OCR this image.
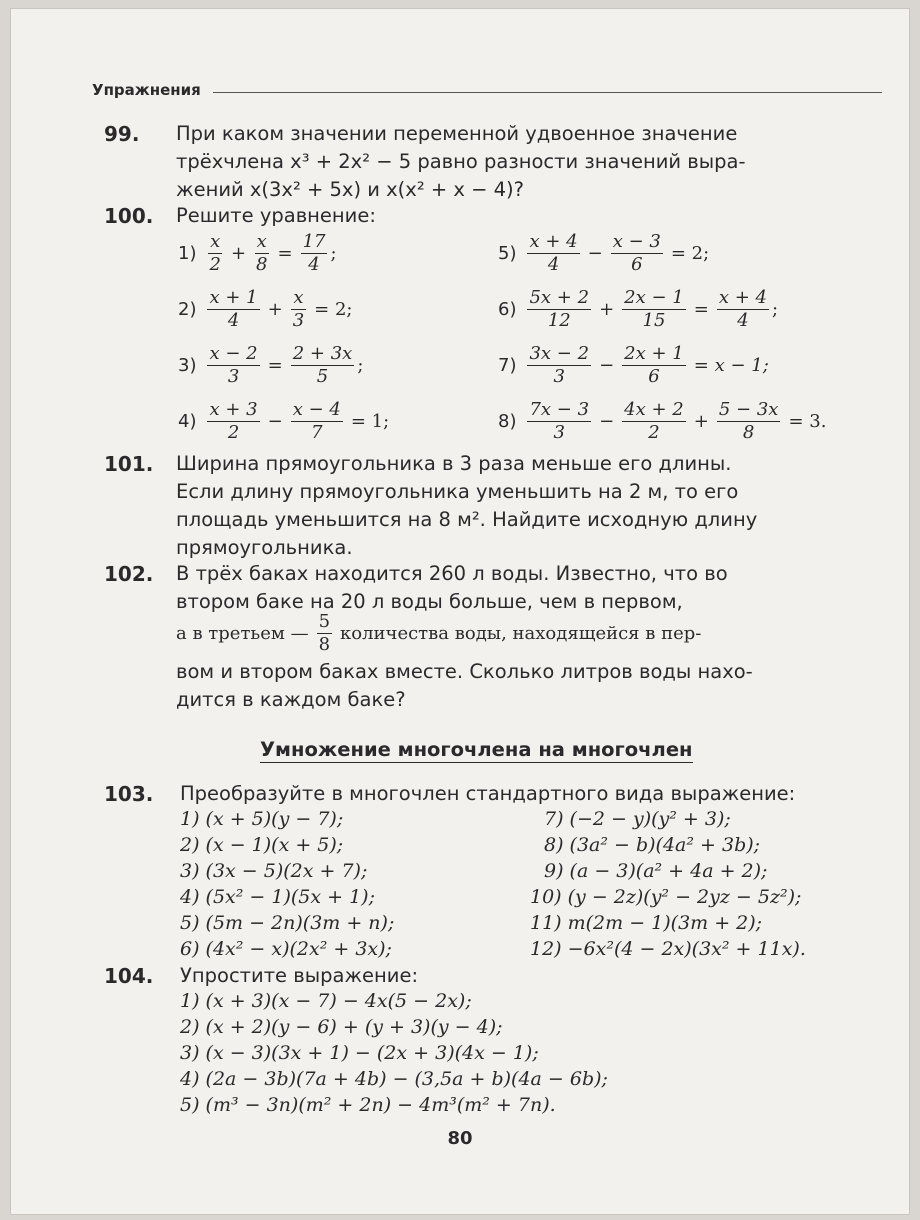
Упражнения
99. При каком значении переменной удвоенное значение
трёхчлена x³ + 2x² − 5 равно разности значений выра-
жений x(3x² + 5x) и x(x² + x − 4)?
100. Решите уравнение:
$1) \frac{x}{2} + \frac{x}{8} = \frac{17}{4}$ ;
$2) \frac{x + 1}{4} + \frac{x}{3} = 2$;
$3) \frac{x - 2}{3} = \frac{2 + 3x}{5}$ ;
$4) \frac{x + 3}{2} - \frac{x - 4}{7} = 1$;
$5) \frac{x + 4}{4} - \frac{x - 3}{6} = 2$;
$6) \frac{5x + 2}{12} + \frac{2x - 1}{15} = \frac{x + 4}{4}$ ;
$7) \frac{3x - 2}{3} - \frac{2x + 1}{6} = x - 1$;
$8) \frac{7x - 3}{3} - \frac{4x + 2}{2} + \frac{5 - 3x}{8} = 3$.
101. Ширина прямоугольника в 3 раза меньше его длины.
Если длину прямоугольника уменьшить на 2 м, то его
площадь уменьшится на 8 м². Найдите исходную длину
прямоугольника.
102. В трёх баках находится 260 л воды. Известно, что во
втором баке на 20 л воды больше, чем в первом,
а в третьем — $\frac{5}{8}$ количества воды, находящейся в пер-
вом и втором баках вместе. Сколько литров воды нахо-
дится в каждом баке?
Умножение многочлена на многочлен
103. Преобразуйте в многочлен стандартного вида выражение:
1) (x + 5)(y − 7);
2) (x − 1)(x + 5);
3) (3x − 5)(2x + 7);
4) (5x² − 1)(5x + 1);
5) (5m − 2n)(3m + n);
6) (4x² − x)(2x² + 3x);
7) (−2 − y)(y² + 3);
8) (3a² − b)(4a² + 3b);
9) (a − 3)(a² + 4a + 2);
10) (y − 2z)(y² − 2yz − 5z²);
11) m(2m − 1)(3m + 2);
12) −6x²(4 − 2x)(3x² + 11x).
104. Упростите выражение:
1) (x + 3)(x − 7) − 4x(5 − 2x);
2) (x + 2)(y − 6) + (y + 3)(y − 4);
3) (x − 3)(3x + 1) − (2x + 3)(4x − 1);
4) (2a − 3b)(7a + 4b) − (3,5a + b)(4a − 6b);
5) (m³ − 3n)(m² + 2n) − 4m³(m² + 7n).
80
